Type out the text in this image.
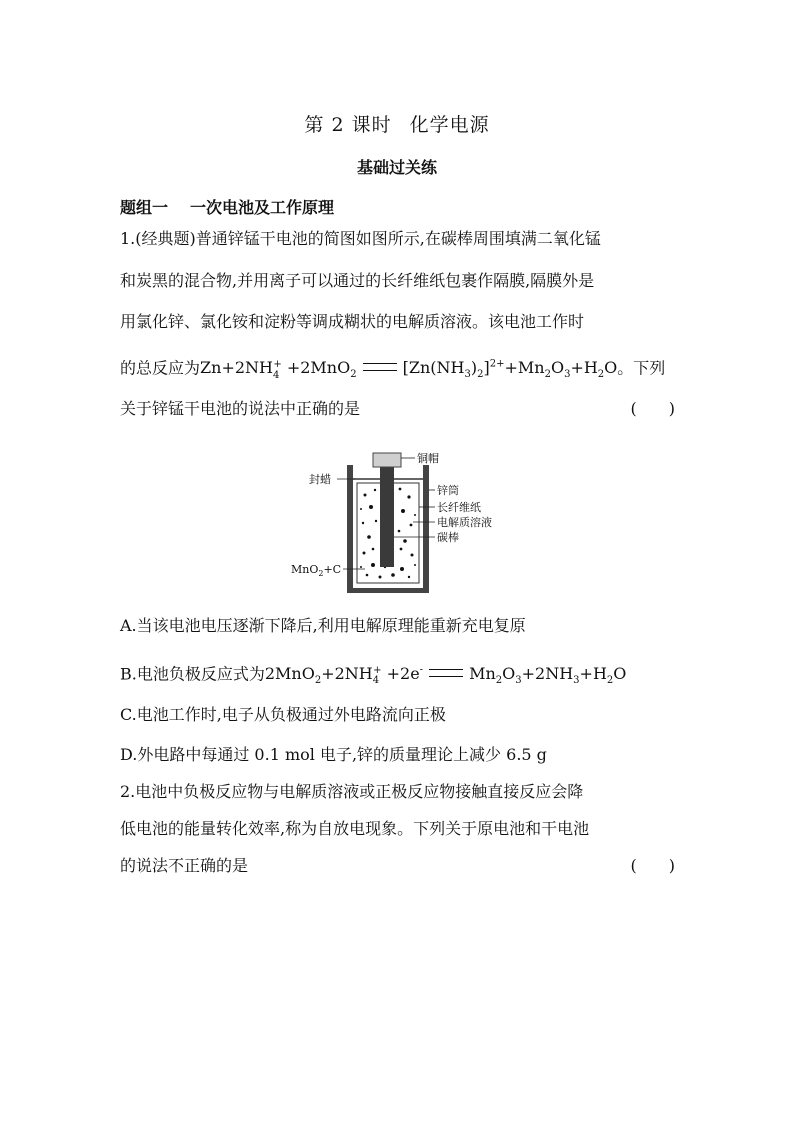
第 2 课时 化学电源
基础过关练
题组一 一次电池及工作原理
1.(经典题)普通锌锰干电池的简图如图所示,在碳棒周围填满二氧化锰
和炭黑的混合物,并用离子可以通过的长纤维纸包裹作隔膜,隔膜外是
用氯化锌、氯化铵和淀粉等调成糊状的电解质溶液。该电池工作时
的总反应为$Zn+2NH_4^+ +2MnO_2$	$[Zn(NH_3)_2]^{2+}+Mn_2O_3+H_2O$。下列
关于锌锰干电池的说法中正确的是	( )
铜帽
封蜡
锌筒
长纤维纸
电解质溶液
碳棒
MnO$_2$+C
A.当该电池电压逐渐下降后,利用电解原理能重新充电复原
B.电池负极反应式为$2MnO_2+2NH_4^+ +2e^-$	$Mn_2O_3+2NH_3+H_2O$
C.电池工作时,电子从负极通过外电路流向正极
D.外电路中每通过 0.1 mol 电子,锌的质量理论上减少 6.5 g
2.电池中负极反应物与电解质溶液或正极反应物接触直接反应会降
低电池的能量转化效率,称为自放电现象。下列关于原电池和干电池
的说法不正确的是	( )
